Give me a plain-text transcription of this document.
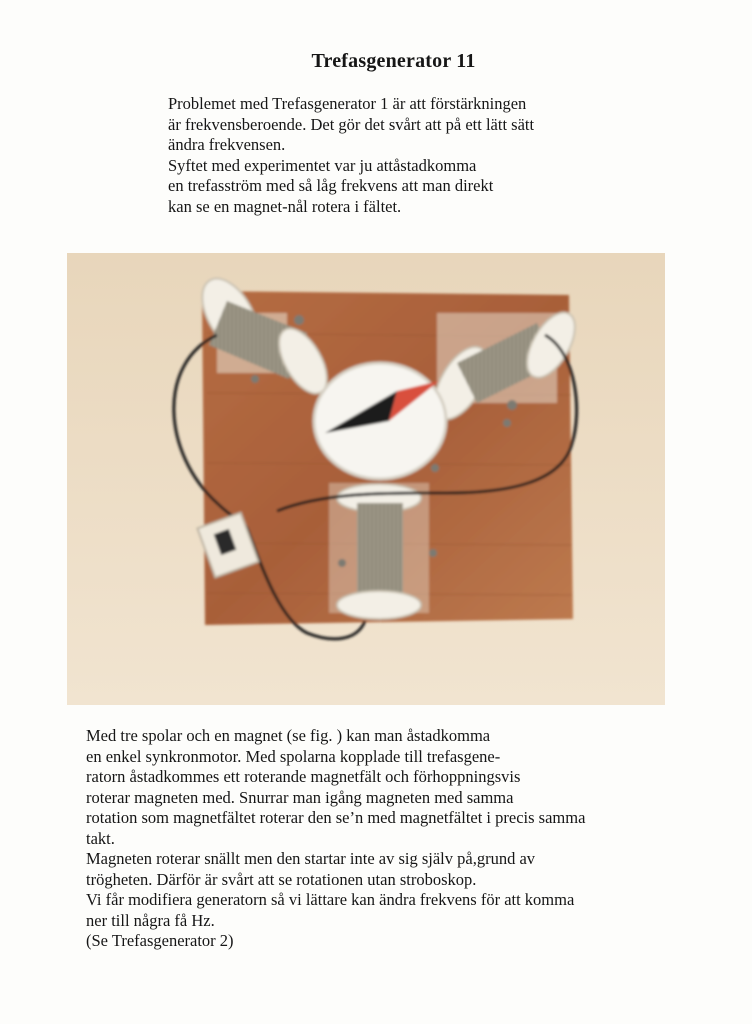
Trefasgenerator 11
Problemet med Trefasgenerator 1 är att förstärkningen
är frekvensberoende. Det gör det svårt att på ett lätt sätt
ändra frekvensen.
Syftet med experimentet var ju attåstadkomma
en trefasström med så låg frekvens att man direkt
kan se en magnet-nål rotera i fältet.
Med tre spolar och en magnet (se fig. ) kan man åstadkomma
en enkel synkronmotor. Med spolarna kopplade till trefasgene-
ratorn åstadkommes ett roterande magnetfält och förhoppningsvis
roterar magneten med. Snurrar man igång magneten med samma
rotation som magnetfältet roterar den se’n med magnetfältet i precis samma
takt.
Magneten roterar snällt men den startar inte av sig själv på,grund av
trögheten. Därför är svårt att se rotationen utan stroboskop.
Vi får modifiera generatorn så vi lättare kan ändra frekvens för att komma
ner till några få Hz.
(Se Trefasgenerator 2)
